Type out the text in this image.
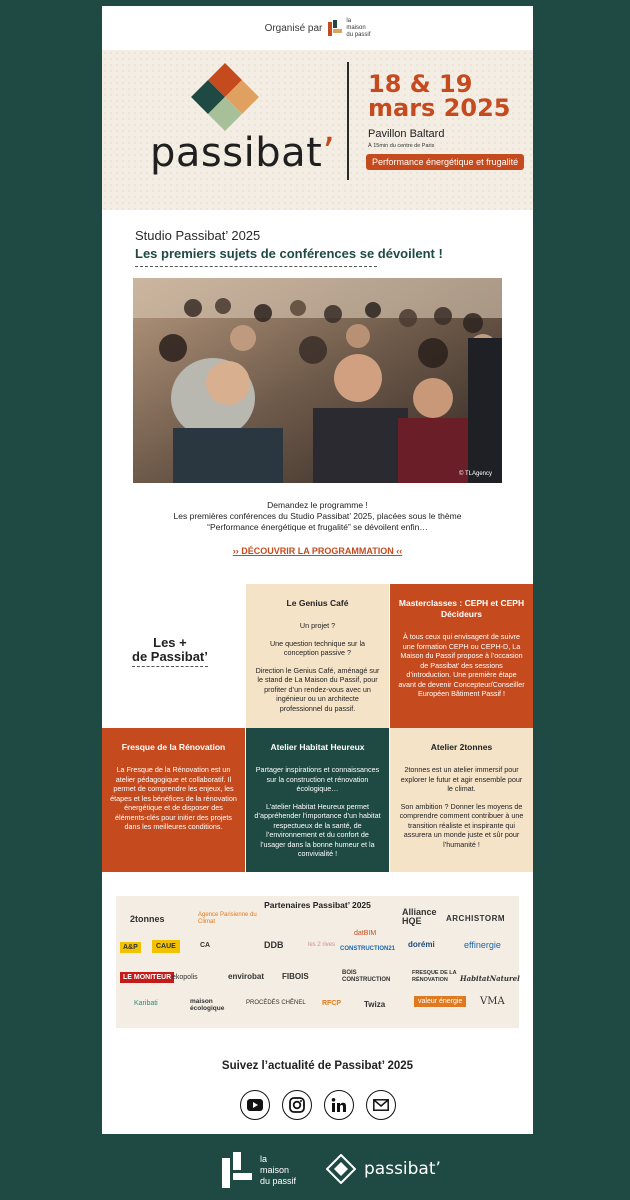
Organisé par
la
maison
du passif
passibat’
18 & 19
mars 2025
Pavillon Baltard
À 15min du centre de Paris
Performance énergétique et frugalité
Studio Passibat’ 2025
Les premiers sujets de conférences se dévoilent !
© TLAgency
Demandez le programme !
Les premières conférences du Studio Passibat’ 2025, placées sous le thème
“Performance énergétique et frugalité” se dévoilent enfin…
›› DÉCOUVRIR LA PROGRAMMATION ‹‹
Les +
de Passibat’
Le Genius Café
Un projet ?
Une question technique sur la conception passive ?
Direction le Genius Café, aménagé sur le stand de La Maison du Passif, pour profiter d’un rendez-vous avec un ingénieur ou un architecte professionnel du passif.
Masterclasses : CEPH et CEPH Décideurs
À tous ceux qui envisagent de suivre une formation CEPH ou CEPH-D, La Maison du Passif propose à l’occasion de Passibat’ des sessions d’introduction. Une première étape avant de devenir Concepteur/Conseiller Européen Bâtiment Passif !
Fresque de la Rénovation
La Fresque de la Rénovation est un atelier pédagogique et collaboratif. Il permet de comprendre les enjeux, les étapes et les bénéfices de la rénovation énergétique et de disposer des éléments-clés pour initier des projets dans les meilleures conditions.
Atelier Habitat Heureux
Partager inspirations et connaissances sur la construction et rénovation écologique…
L’atelier Habitat Heureux permet d’appréhender l’importance d’un habitat respectueux de la santé, de l’environnement et du confort de l’usager dans la bonne humeur et la convivialité !
Atelier 2tonnes
2tonnes est un atelier immersif pour explorer le futur et agir ensemble pour le climat.
Son ambition ? Donner les moyens de comprendre comment contribuer à une transition réaliste et inspirante qui assurera un monde juste et sûr pour l’humanité !
Partenaires Passibat’ 2025
2tonnes	Agence Parisienne du Climat
Alliance HQE	ARCHISTORM
A&P	CAUE	CA	DDB	les 2 rives
datBIM
CONSTRUCTION21 dorémi	effinergie
LE MONITEUR ekopolis	envirobat FIBOIS	BOIS CONSTRUCTION
FRESQUE DE LA RÉNOVATION	HabitatNaturel
Karibati	maison écologique
PROCÉDÉS CHÊNEL RFCP	Twiza	valeur énergie	VMA
Suivez l’actualité de Passibat’ 2025
la
maison
du passif
passibat’
